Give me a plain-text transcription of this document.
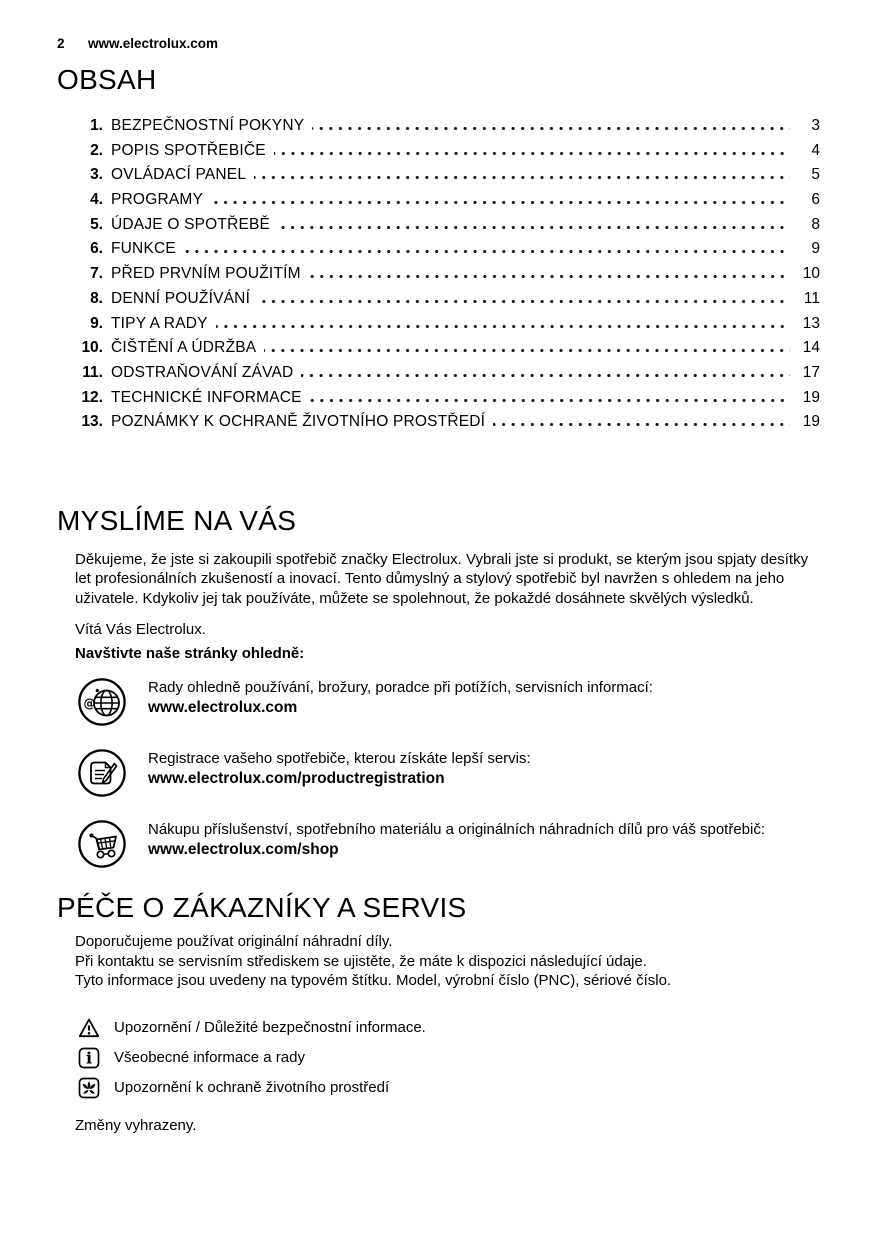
2	www.electrolux.com
OBSAH
1. BEZPEČNOSTNÍ POKYNY	3
2. POPIS SPOTŘEBIČE	4
3. OVLÁDACÍ PANEL	5
4. PROGRAMY	6
5. ÚDAJE O SPOTŘEBĚ	8
6. FUNKCE	9
7. PŘED PRVNÍM POUŽITÍM	10
8. DENNÍ POUŽÍVÁNÍ	11
9. TIPY A RADY	13
10. ČIŠTĚNÍ A ÚDRŽBA	14
11. ODSTRAŇOVÁNÍ ZÁVAD	17
12. TECHNICKÉ INFORMACE	19
13. POZNÁMKY K OCHRANĚ ŽIVOTNÍHO PROSTŘEDÍ	19
MYSLÍME NA VÁS
Děkujeme, že jste si zakoupili spotřebič značky Electrolux. Vybrali jste si produkt, se kterým jsou spjaty desítky let profesionálních zkušeností a inovací. Tento důmyslný a stylový spotřebič byl navržen s ohledem na jeho uživatele. Kdykoliv jej tak používáte, můžete se spolehnout, že pokaždé dosáhnete skvělých výsledků.
Vítá Vás Electrolux.
Navštivte naše stránky ohledně:
@
Rady ohledně používání, brožury, poradce při potížích, servisních informací:
www.electrolux.com
Registrace vašeho spotřebiče, kterou získáte lepší servis:
www.electrolux.com/productregistration
Nákupu příslušenství, spotřebního materiálu a originálních náhradních dílů pro váš spotřebič:
www.electrolux.com/shop
PÉČE O ZÁKAZNÍKY A SERVIS
Doporučujeme používat originální náhradní díly.
Při kontaktu se servisním střediskem se ujistěte, že máte k dispozici následující údaje.
Tyto informace jsou uvedeny na typovém štítku. Model, výrobní číslo (PNC), sériové číslo.
Upozornění / Důležité bezpečnostní informace.
i Všeobecné informace a rady
Upozornění k ochraně životního prostředí
Změny vyhrazeny.
